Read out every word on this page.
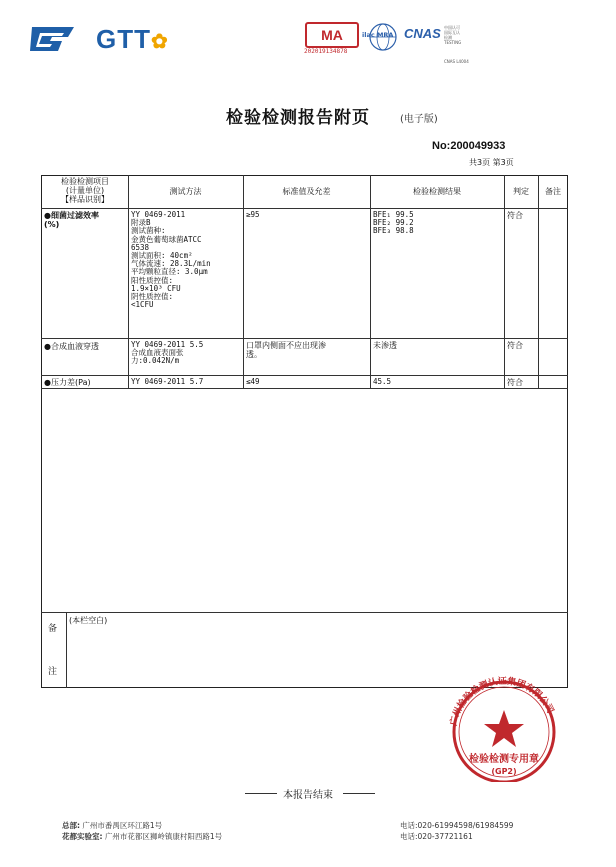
GTT✿	MA
202019134878
ilac MRA CNAS 中国认可
国际互认
检测
TESTING
CNAS L4004
检验检测报告附页	(电子版)
No:200049933
共3页 第3页
检验检测项目
(计量单位)
【样品识别】
测试方法	标准值及允差	检验检测结果	判定	备注
●细菌过滤效率
(%)
YY 0469-2011
附录B
测试菌种:
金黄色葡萄球菌ATCC
6538
测试面积: 40cm²
气体流速: 28.3L/min
平均颗粒直径: 3.0μm
阳性质控值:
1.9×10³ CFU
阴性质控值:
<1CFU
≥95	BFE₁ 99.5
BFE₂ 99.2
BFE₃ 98.8
符合
●合成血液穿透	YY 0469-2011 5.5
合成血液表面张
力:0.042N/m
口罩内侧面不应出现渗
透。
未渗透	符合
●压力差(Pa)	YY 0469-2011 5.7	≤49	45.5	符合
备
注
(本栏空白)
广州检验检测认证集团有限公司
检验检测专用章
(GP2)
本报告结束
总部: 广州市番禺区环江路1号	电话:020-61994598/61984599
花都实验室: 广州市花都区狮岭镇康村阳西路1号	电话:020-37721161
